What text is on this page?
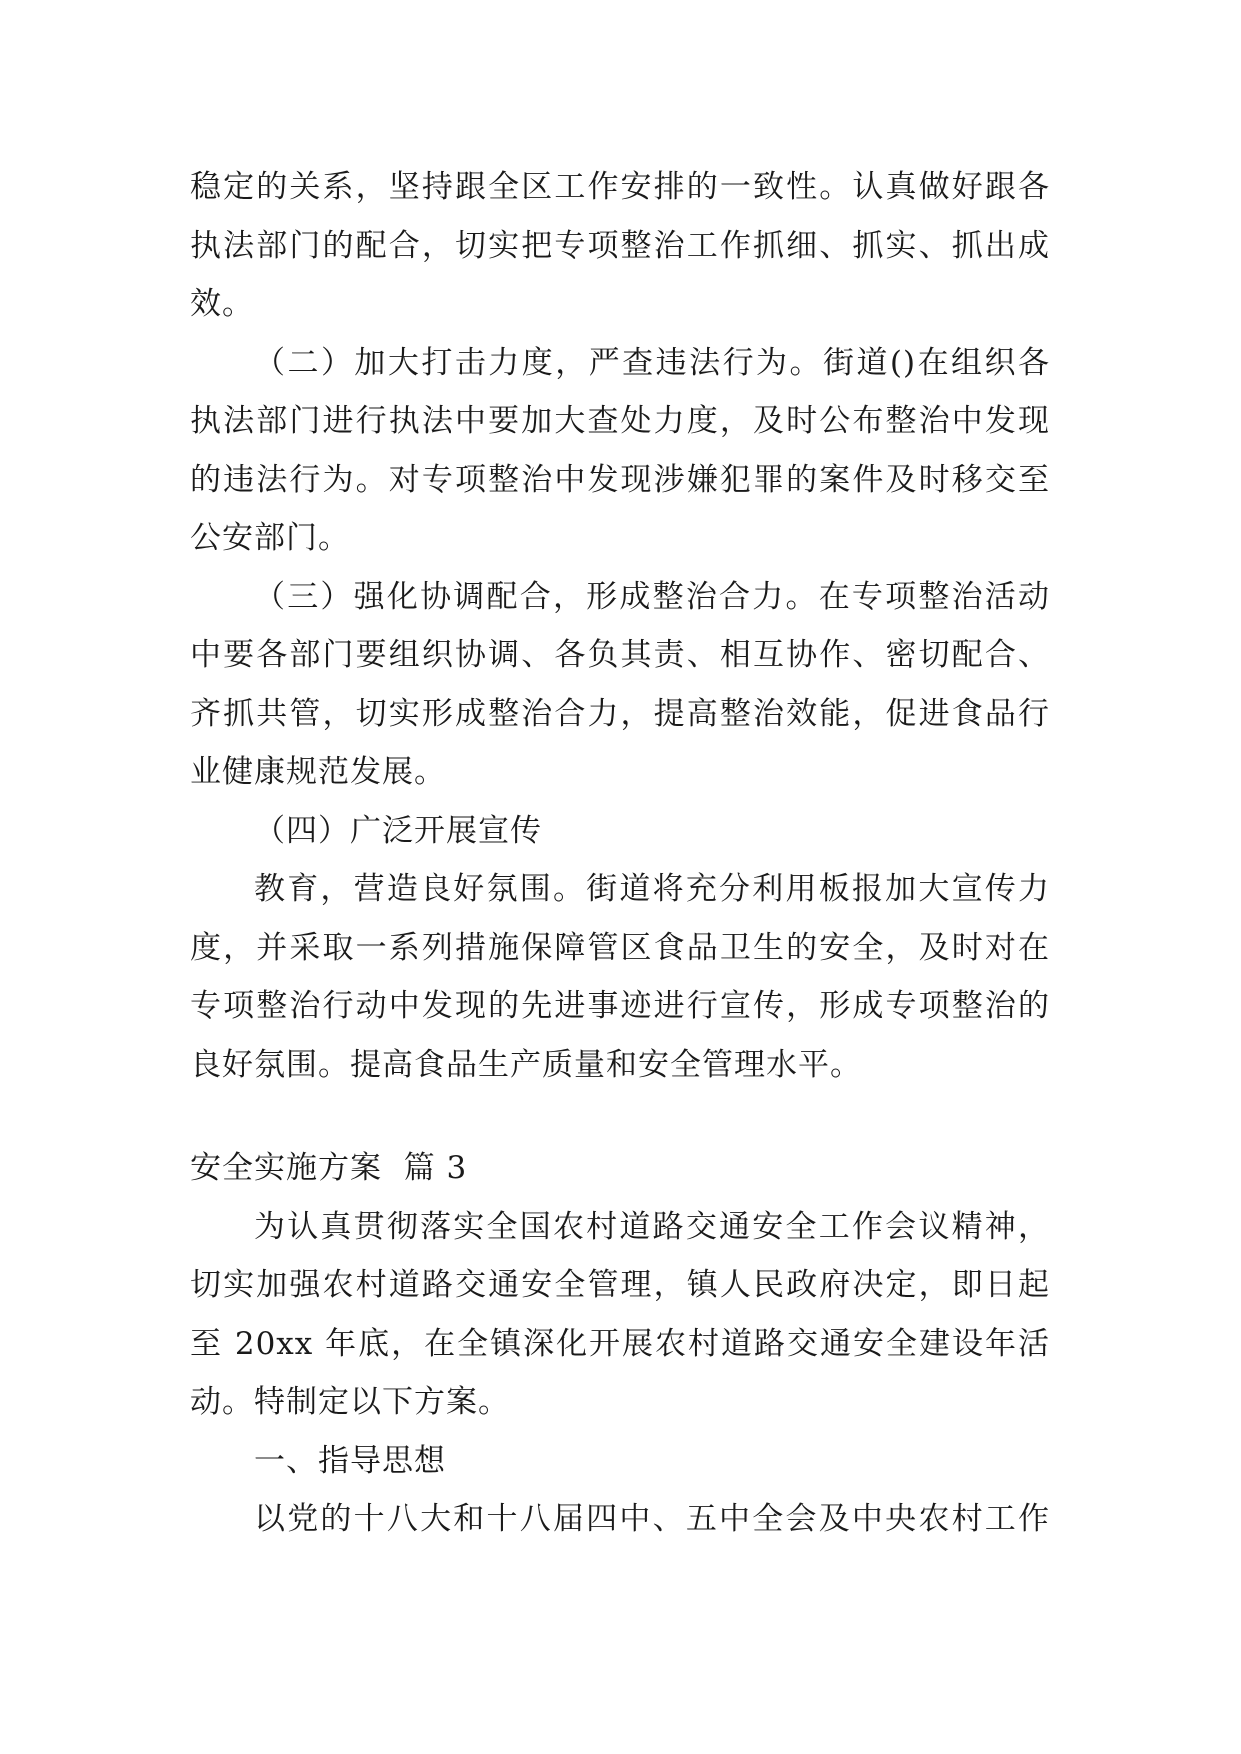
稳定的关系，坚持跟全区工作安排的一致性。认真做好跟各
执法部门的配合，切实把专项整治工作抓细、抓实、抓出成
效。
（二）加大打击力度，严查违法行为。街道()在组织各
执法部门进行执法中要加大查处力度，及时公布整治中发现
的违法行为。对专项整治中发现涉嫌犯罪的案件及时移交至
公安部门。
（三）强化协调配合，形成整治合力。在专项整治活动
中要各部门要组织协调、各负其责、相互协作、密切配合、
齐抓共管，切实形成整治合力，提高整治效能，促进食品行
业健康规范发展。
（四）广泛开展宣传
教育，营造良好氛围。街道将充分利用板报加大宣传力
度，并采取一系列措施保障管区食品卫生的安全，及时对在
专项整治行动中发现的先进事迹进行宣传，形成专项整治的
良好氛围。提高食品生产质量和安全管理水平。
安全实施方案  篇 3
为认真贯彻落实全国农村道路交通安全工作会议精神，
切实加强农村道路交通安全管理，镇人民政府决定，即日起
至 20xx 年底，在全镇深化开展农村道路交通安全建设年活
动。特制定以下方案。
一、指导思想
以党的十八大和十八届四中、五中全会及中央农村工作
